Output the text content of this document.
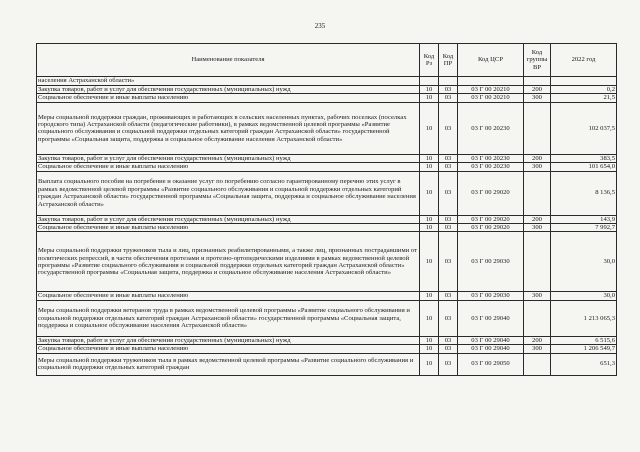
235
Наименование показателя	Код Рз	Код ПР	Код ЦСР	Код группы ВР	2022 год
населения Астраханской области»					
Закупка товаров, работ и услуг для обеспечения государственных (муниципальных) нужд	10	03	03 Г 00 20210	200	0,2
Социальное обеспечение и иные выплаты населению	10	03	03 Г 00 20210	300	21,5
Меры социальной поддержки граждан, проживающих и работающих в сельских населенных пунктах, рабочих поселках (поселках городского типа) Астраханской области (педагогические работники), в рамках ведомственной целевой программы «Развитие социального обслуживания и социальной поддержки отдельных категорий граждан Астраханской области» государственной программы «Социальная защита, поддержка и социальное обслуживание населения Астраханской области»	10	03	03 Г 00 20230		102 037,5
Закупка товаров, работ и услуг для обеспечения государственных (муниципальных) нужд	10	03	03 Г 00 20230	200	383,5
Социальное обеспечение и иные выплаты населению	10	03	03 Г 00 20230	300	101 654,0
Выплата социального пособия на погребение и оказание услуг по погребению согласно гарантированному перечню этих услуг в рамках ведомственной целевой программы «Развитие социального обслуживания и социальной поддержки отдельных категорий граждан Астраханской области» государственной программы «Социальная защита, поддержка и социальное обслуживание населения Астраханской области»	10	03	03 Г 00 29020		8 136,5
Закупка товаров, работ и услуг для обеспечения государственных (муниципальных) нужд	10	03	03 Г 00 29020	200	143,9
Социальное обеспечение и иные выплаты населению	10	03	03 Г 00 29020	300	7 992,7
Меры социальной поддержки тружеников тыла и лиц, признанных реабилитированными, а также лиц, признанных пострадавшими от политических репрессий, в части обеспечения протезами и протезно-ортопедическими изделиями в рамках ведомственной целевой программы «Развитие социального обслуживания и социальной поддержки отдельных категорий граждан Астраханской области» государственной программы «Социальная защита, поддержка и социальное обслуживание населения Астраханской области»	10	03	03 Г 00 29030		30,0
Социальное обеспечение и иные выплаты населению	10	03	03 Г 00 29030	300	30,0
Меры социальной поддержки ветеранов труда в рамках ведомственной целевой программы «Развитие социального обслуживания и социальной поддержки отдельных категорий граждан Астраханской области» государственной программы «Социальная защита, поддержка и социальное обслуживание населения Астраханской области»	10	03	03 Г 00 29040		1 213 065,3
Закупка товаров, работ и услуг для обеспечения государственных (муниципальных) нужд	10	03	03 Г 00 29040	200	6 515,6
Социальное обеспечение и иные выплаты населению	10	03	03 Г 00 29040	300	1 206 549,7
Меры социальной поддержки тружеников тыла в рамках ведомственной целевой программы «Развитие социального обслуживания и социальной поддержки отдельных категорий граждан	10	03	03 Г 00 29050		651,3
